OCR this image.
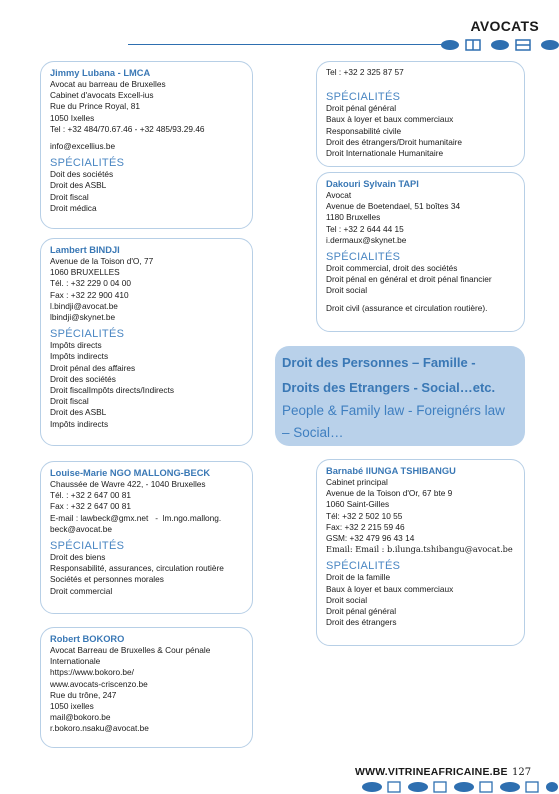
AVOCATS
Jimmy Lubana - LMCA
Avocat au barreau de Bruxelles
Cabinet d'avocats Excell-ius
Rue du Prince Royal, 81
1050 Ixelles
Tel : +32 484/70.67.46 - +32 485/93.29.46
info@excellius.be
SPÉCIALITÉS
Doit des sociétés
Droit des ASBL
Droit fiscal
Droit médica
Lambert BINDJI
Avenue de la Toison d'O, 77
1060 BRUXELLES
Tél. : +32 229 0 04 00
Fax : +32 22 900 410
l.bindji@avocat.be
lbindji@skynet.be
SPÉCIALITÉS
Impôts directs
Impôts indirects
Droit pénal des affaires
Droit des sociétés
Droit fiscalImpôts directs/Indirects
Droit fiscal
Droit des ASBL
Impôts indirects
Louise-Marie NGO MALLONG-BECK
Chaussée de Wavre 422, - 1040 Bruxelles
Tél. : +32 2 647 00 81
Fax : +32 2 647 00 81
E-mail : lawbeck@gmx.net   -  lm.ngo.mallong.
beck@avocat.be
SPÉCIALITÉS
Droit des biens
Responsabilité, assurances, circulation routière
Sociétés et personnes morales
Droit commercial
Robert BOKORO
Avocat Barreau de Bruxelles & Cour pénale
Internationale
https://www.bokoro.be/
www.avocats-criscenzo.be
Rue du trône, 247
1050 ixelles
mail@bokoro.be
r.bokoro.nsaku@avocat.be
Tel : +32 2 325 87 57
SPÉCIALITÉS
Droit pénal général
Baux à loyer et baux commerciaux
Responsabilité civile
Droit des étrangers/Droit humanitaire
Droit Internationale Humanitaire
Dakouri Sylvain TAPI
Avocat
Avenue de Boetendael, 51 boîtes 34
1180 Bruxelles
Tel : +32 2 644 44 15
i.dermaux@skynet.be
SPÉCIALITÉS
Droit commercial, droit des sociétés
Droit pénal en général et droit pénal financier
Droit social
Droit civil (assurance et circulation routière).
Droit des Personnes – Famille -
Droits des Etrangers - Social…etc.
People & Family law - Foreignérs law
– Social…
Barnabé IlUNGA TSHIBANGU
Cabinet principal
Avenue de la Toison d'Or, 67 bte 9
1060 Saint-Gilles
Tél: +32 2 502 10 55
Fax: +32 2 215 59 46
GSM: +32 479 96 43 14
Email: Email : b.ilunga.tshibangu@avocat.be
SPÉCIALITÉS
Droit de la famille
Baux à loyer et baux commerciaux
Droit social
Droit pénal général
Droit des étrangers
WWW.VITRINEAFRICAINE.BE 127
